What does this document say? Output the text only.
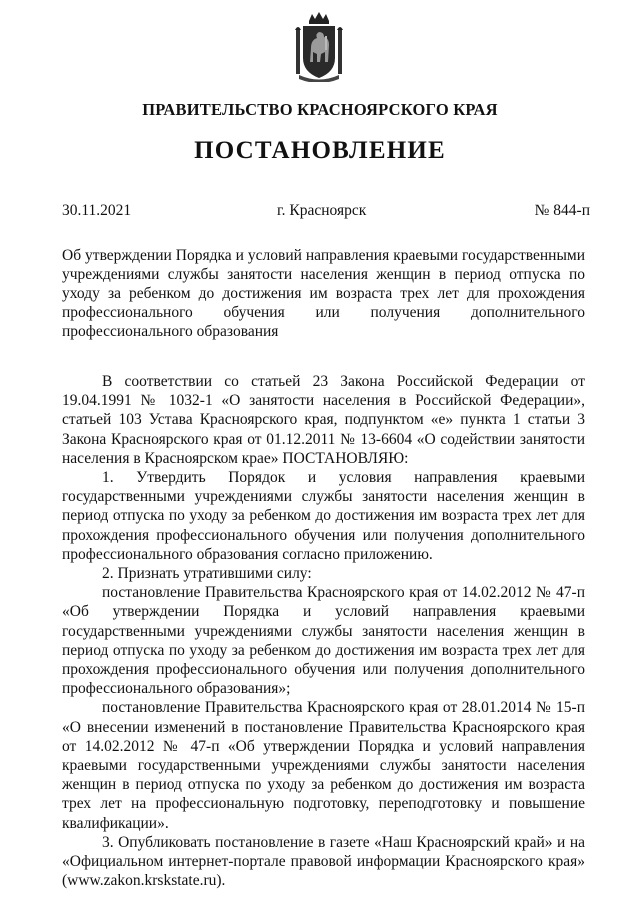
ПРАВИТЕЛЬСТВО КРАСНОЯРСКОГО КРАЯ
ПОСТАНОВЛЕНИЕ
30.11.2021	г. Красноярск	№ 844-п
Об утверждении Порядка и условий направления краевыми государственными учреждениями службы занятости населения женщин в период отпуска по уходу за ребенком до достижения им возраста трех лет для прохождения профессионального обучения или получения дополнительного профессионального образования

В соответствии со статьей 23 Закона Российской Федерации от 19.04.1991 № 1032-1 «О занятости населения в Российской Федерации», статьей 103 Устава Красноярского края, подпунктом «е» пункта 1 статьи 3 Закона Красноярского края от 01.12.2011 № 13-6604 «О содействии занятости населения в Красноярском крае» ПОСТАНОВЛЯЮ:

1. Утвердить Порядок и условия направления краевыми государственными учреждениями службы занятости населения женщин в период отпуска по уходу за ребенком до достижения им возраста трех лет для прохождения профессионального обучения или получения дополнительного профессионального образования согласно приложению.

2. Признать утратившими силу:

постановление Правительства Красноярского края от 14.02.2012 № 47-п «Об утверждении Порядка и условий направления краевыми государственными учреждениями службы занятости населения женщин в период отпуска по уходу за ребенком до достижения им возраста трех лет для прохождения профессионального обучения или получения дополнительного профессионального образования»;

постановление Правительства Красноярского края от 28.01.2014 № 15-п «О внесении изменений в постановление Правительства Красноярского края от 14.02.2012 № 47-п «Об утверждении Порядка и условий направления краевыми государственными учреждениями службы занятости населения женщин в период отпуска по уходу за ребенком до достижения им возраста трех лет на профессиональную подготовку, переподготовку и повышение квалификации».

3. Опубликовать постановление в газете «Наш Красноярский край» и на «Официальном интернет-портале правовой информации Красноярского края» (www.zakon.krskstate.ru).
